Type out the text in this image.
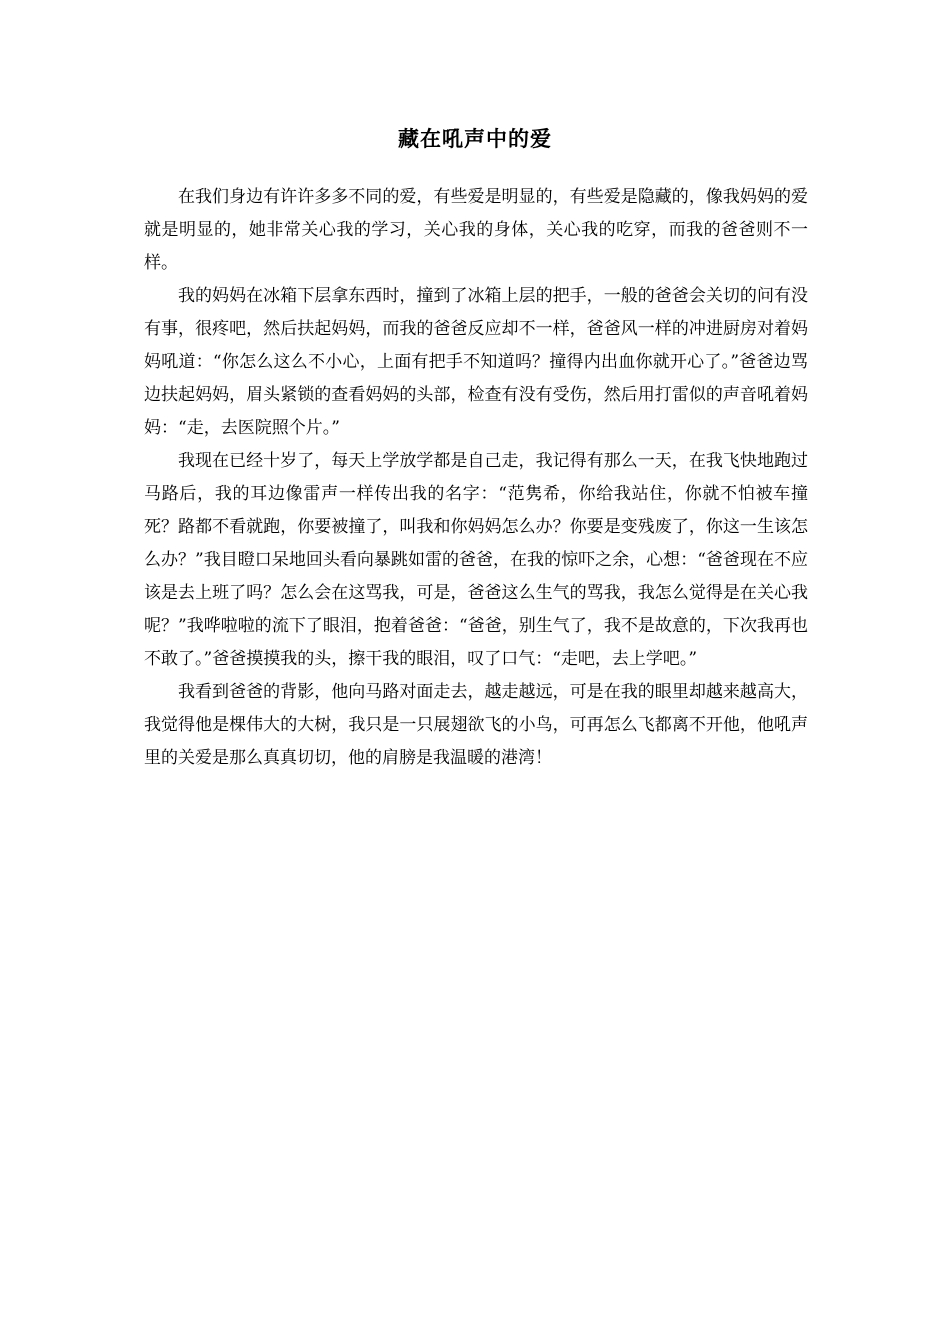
藏在吼声中的爱

在我们身边有许许多多不同的爱，有些爱是明显的，有些爱是隐藏的，像我妈妈的爱就是明显的，她非常关心我的学习，关心我的身体，关心我的吃穿，而我的爸爸则不一样。

我的妈妈在冰箱下层拿东西时，撞到了冰箱上层的把手，一般的爸爸会关切的问有没有事，很疼吧，然后扶起妈妈，而我的爸爸反应却不一样，爸爸风一样的冲进厨房对着妈妈吼道：“你怎么这么不小心，上面有把手不知道吗？撞得内出血你就开心了。”爸爸边骂边扶起妈妈，眉头紧锁的查看妈妈的头部，检查有没有受伤，然后用打雷似的声音吼着妈妈：“走，去医院照个片。”

我现在已经十岁了，每天上学放学都是自己走，我记得有那么一天，在我飞快地跑过马路后，我的耳边像雷声一样传出我的名字：“范隽希，你给我站住，你就不怕被车撞死？路都不看就跑，你要被撞了，叫我和你妈妈怎么办？你要是变残废了，你这一生该怎么办？”我目瞪口呆地回头看向暴跳如雷的爸爸，在我的惊吓之余，心想：“爸爸现在不应该是去上班了吗？怎么会在这骂我，可是，爸爸这么生气的骂我，我怎么觉得是在关心我呢？”我哗啦啦的流下了眼泪，抱着爸爸：“爸爸，别生气了，我不是故意的，下次我再也不敢了。”爸爸摸摸我的头，擦干我的眼泪，叹了口气：“走吧，去上学吧。”

我看到爸爸的背影，他向马路对面走去，越走越远，可是在我的眼里却越来越高大，我觉得他是棵伟大的大树，我只是一只展翅欲飞的小鸟，可再怎么飞都离不开他，他吼声里的关爱是那么真真切切，他的肩膀是我温暖的港湾！
